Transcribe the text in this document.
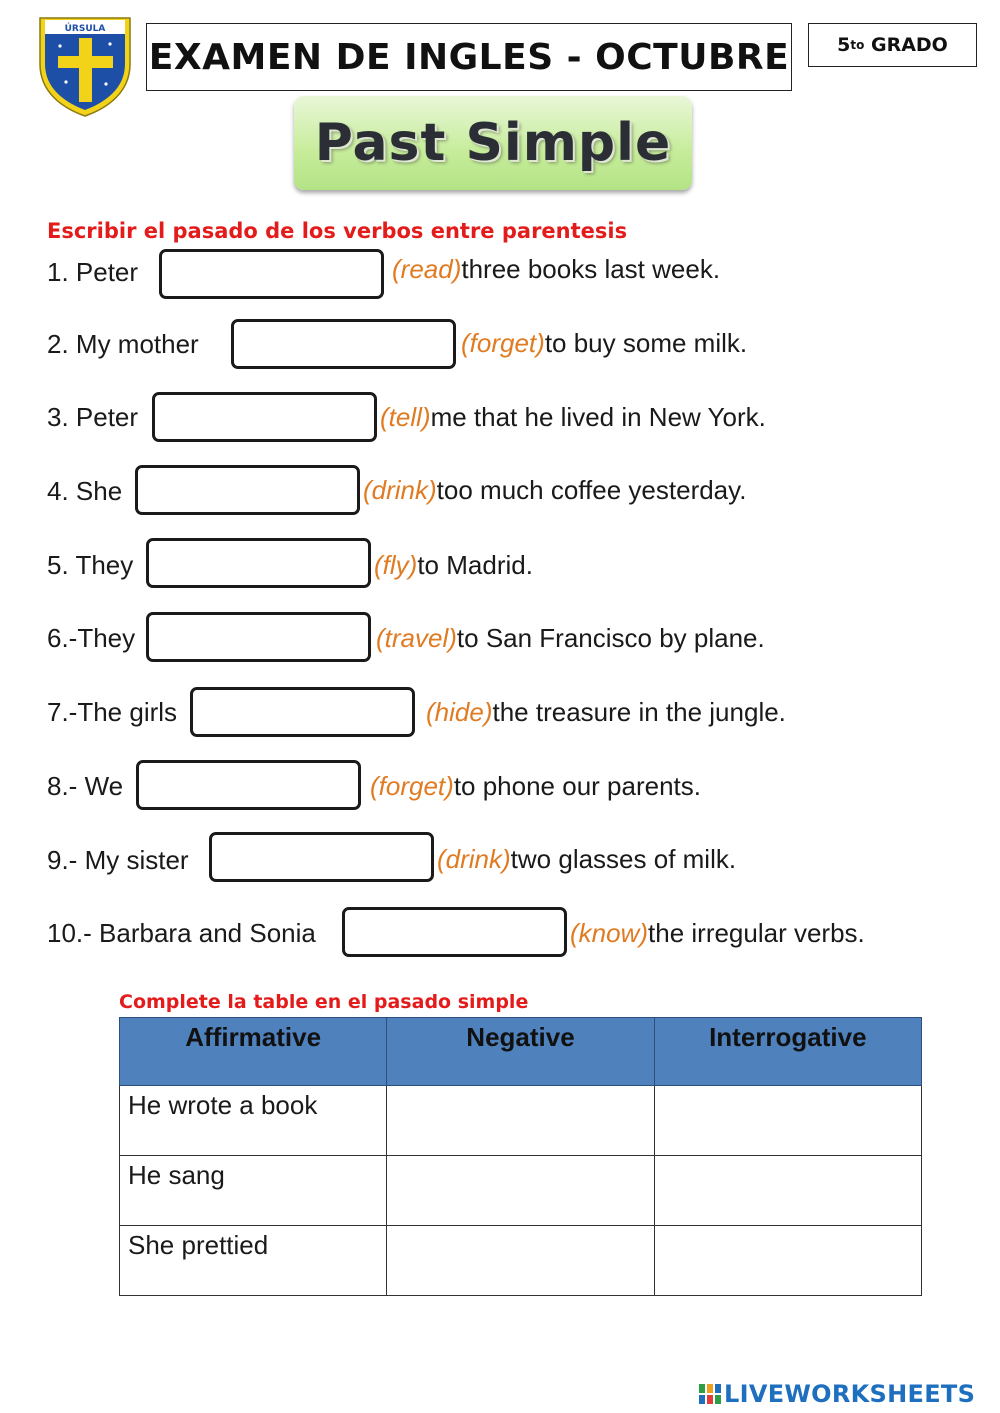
ÚRSULA
EXAMEN DE INGLES - OCTUBRE	5 to
GRADO
Past Simple
Escribir el pasado de los verbos entre parentesis
1. Peter	(read) three books last week.
2. My mother	(forget) to buy some milk.
3. Peter	(tell) me that he lived in New York.
4. She	(drink) too much coffee yesterday.
5. They	(fly) to Madrid.
6.-They	(travel) to San Francisco by plane.
7.-The girls	(hide) the treasure in the jungle.
8.- We	(forget) to phone our parents.
9.- My sister	(drink) two glasses of milk.
10.- Barbara and Sonia	(know) the irregular verbs.
Complete la table en el pasado simple
Affirmative	Negative	Interrogative
He wrote a book		
He sang		
She prettied		
LIVEWORKSHEETS
